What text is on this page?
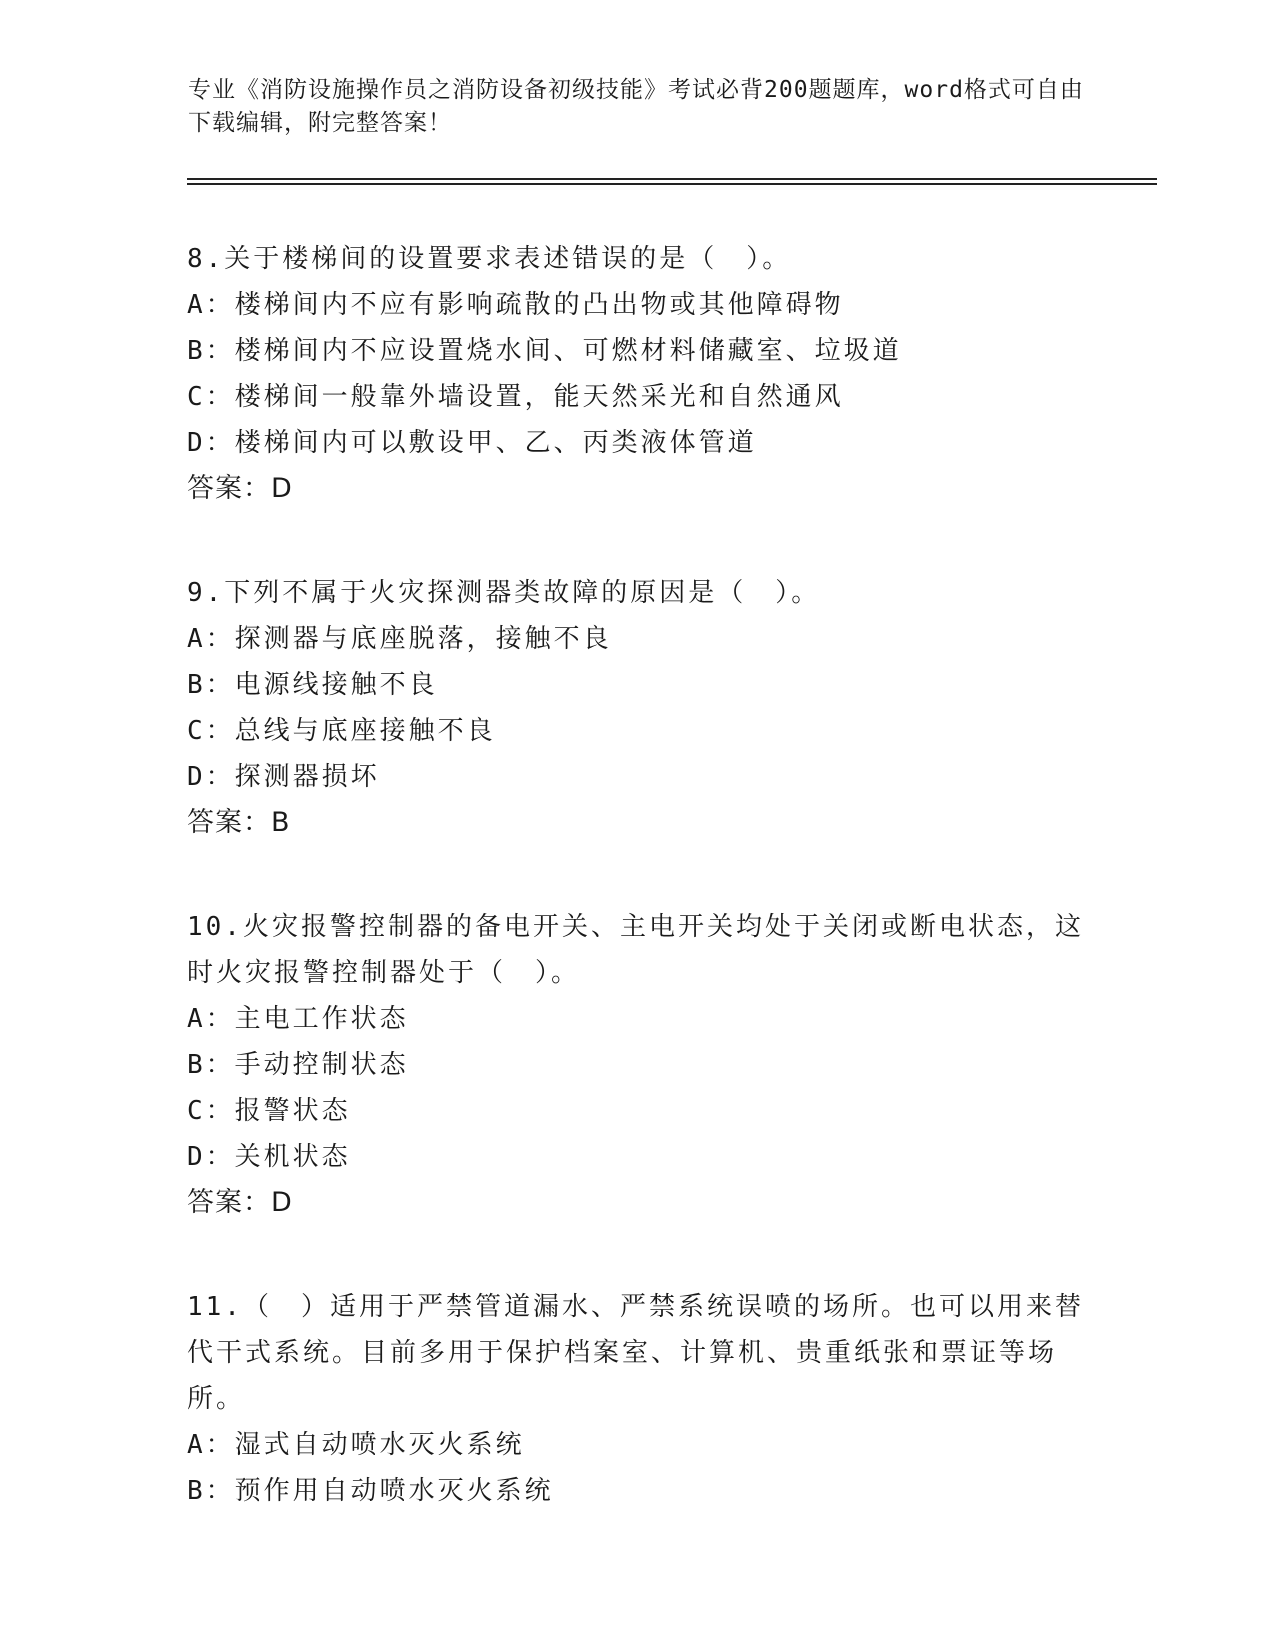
专业《消防设施操作员之消防设备初级技能》考试必背200题题库，word格式可自由下载编辑，附完整答案！

8.关于楼梯间的设置要求表述错误的是（　）。

A：楼梯间内不应有影响疏散的凸出物或其他障碍物

B：楼梯间内不应设置烧水间、可燃材料储藏室、垃圾道

C：楼梯间一般靠外墙设置，能天然采光和自然通风

D：楼梯间内可以敷设甲、乙、丙类液体管道

答案：D

9.下列不属于火灾探测器类故障的原因是（　）。

A：探测器与底座脱落，接触不良

B：电源线接触不良

C：总线与底座接触不良

D：探测器损坏

答案：B

10.火灾报警控制器的备电开关、主电开关均处于关闭或断电状态，这时火灾报警控制器处于（　）。

A：主电工作状态

B：手动控制状态

C：报警状态

D：关机状态

答案：D

11.（　）适用于严禁管道漏水、严禁系统误喷的场所。也可以用来替代干式系统。目前多用于保护档案室、计算机、贵重纸张和票证等场所。

A：湿式自动喷水灭火系统

B：预作用自动喷水灭火系统
